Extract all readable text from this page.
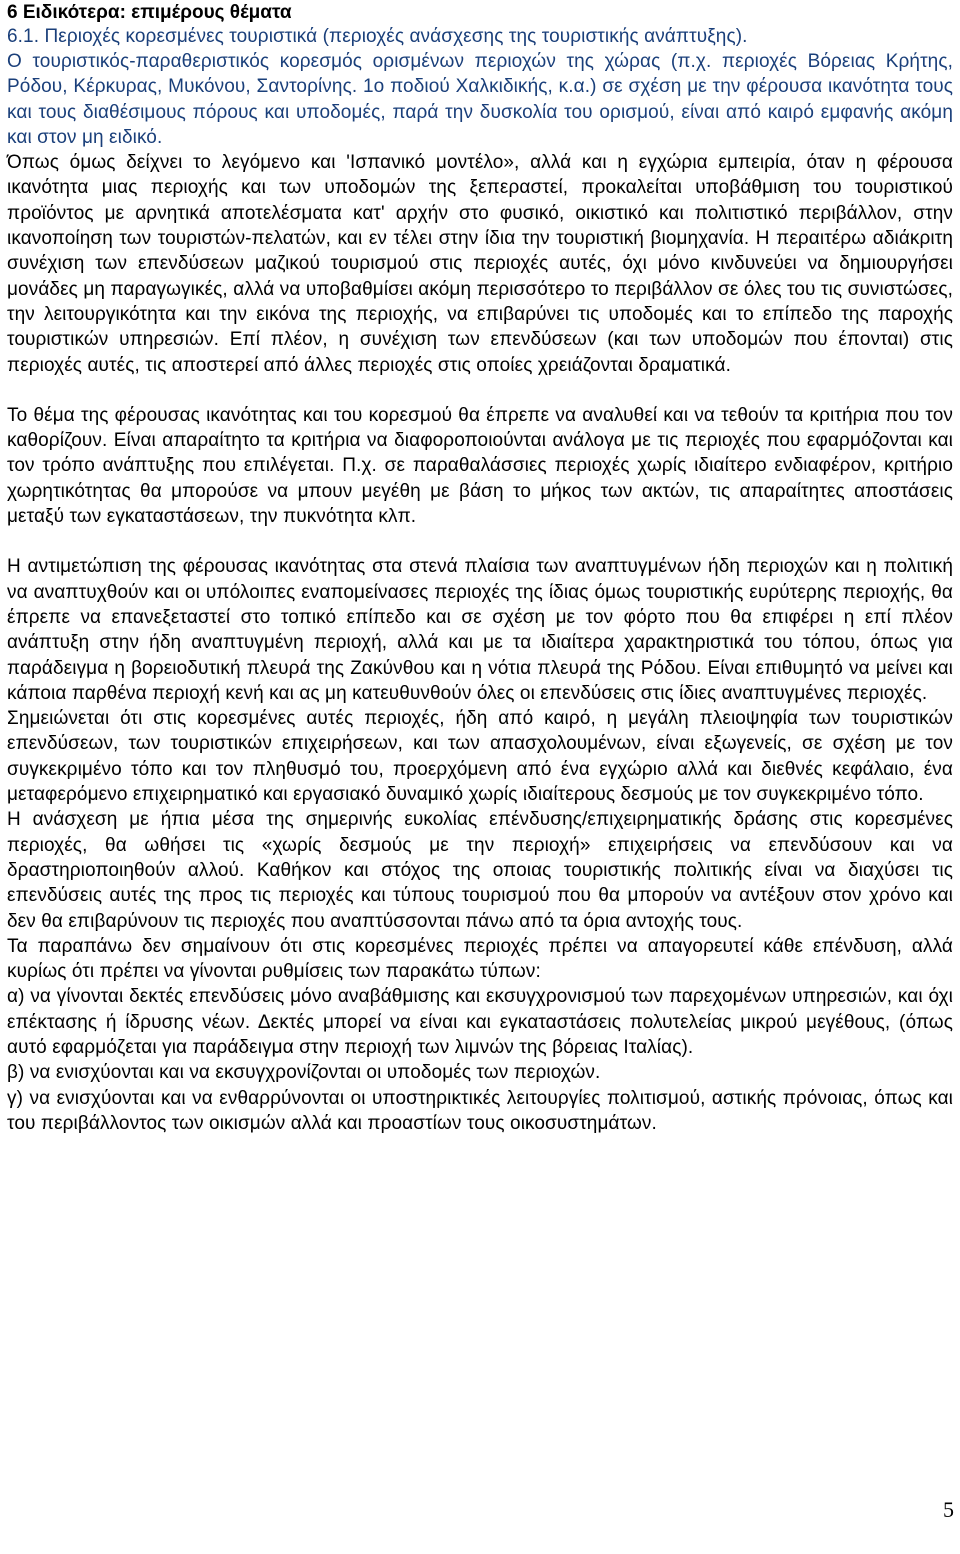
6 Ειδικότερα: επιμέρους θέματα
6.1. Περιοχές κορεσμένες τουριστικά (περιοχές ανάσχεσης της τουριστικής ανάπτυξης).

Ο τουριστικός-παραθεριστικός κορεσμός ορισμένων περιοχών της χώρας (π.χ. περιοχές Βόρειας Κρήτης, Ρόδου, Κέρκυρας, Μυκόνου, Σαντορίνης. 1ο ποδιού Χαλκιδικής, κ.α.) σε σχέση με την φέρουσα ικανότητα τους και τους διαθέσιμους πόρους και υποδομές, παρά την δυσκολία του ορισμού, είναι από καιρό εμφανής ακόμη και στον μη ειδικό.

Όπως όμως δείχνει το λεγόμενο και 'Ισπανικό μοντέλο», αλλά και η εγχώρια εμπειρία, όταν η φέρουσα ικανότητα μιας περιοχής και των υποδομών της ξεπεραστεί, προκαλείται υποβάθμιση του τουριστικού προϊόντος με αρνητικά αποτελέσματα κατ' αρχήν στο φυσικό, οικιστικό και πολιτιστικό περιβάλλον, στην ικανοποίηση των τουριστών-πελατών, και εν τέλει στην ίδια την τουριστική βιομηχανία. Η περαιτέρω αδιάκριτη συνέχιση των επενδύσεων μαζικού τουρισμού στις περιοχές αυτές, όχι μόνο κινδυνεύει να δημιουργήσει μονάδες μη παραγωγικές, αλλά να υποβαθμίσει ακόμη περισσότερο το περιβάλλον σε όλες του τις συνιστώσες, την λειτουργικότητα και την εικόνα της περιοχής, να επιβαρύνει τις υποδομές και το επίπεδο της παροχής τουριστικών υπηρεσιών. Επί πλέον, η συνέχιση των επενδύσεων (και των υποδομών που έπονται) στις περιοχές αυτές, τις αποστερεί από άλλες περιοχές στις οποίες χρειάζονται δραματικά.

Το θέμα της φέρουσας ικανότητας και του κορεσμού θα έπρεπε να αναλυθεί και να τεθούν τα κριτήρια που τον καθορίζουν. Είναι απαραίτητο τα κριτήρια να διαφοροποιούνται ανάλογα με τις περιοχές που εφαρμόζονται και τον τρόπο ανάπτυξης που επιλέγεται. Π.χ. σε παραθαλάσσιες περιοχές χωρίς ιδιαίτερο ενδιαφέρον, κριτήριο χωρητικότητας θα μπορούσε να μπουν μεγέθη με βάση το μήκος των ακτών, τις απαραίτητες αποστάσεις μεταξύ των εγκαταστάσεων, την πυκνότητα κλπ.

Η αντιμετώπιση της φέρουσας ικανότητας στα στενά πλαίσια των αναπτυγμένων ήδη περιοχών και η πολιτική να αναπτυχθούν και οι υπόλοιπες εναπομείνασες περιοχές της ίδιας όμως τουριστικής ευρύτερης περιοχής, θα έπρεπε να επανεξεταστεί στο τοπικό επίπεδο και σε σχέση με τον φόρτο που θα επιφέρει η επί πλέον ανάπτυξη στην ήδη αναπτυγμένη περιοχή, αλλά και με τα ιδιαίτερα χαρακτηριστικά του τόπου, όπως για παράδειγμα η βορειοδυτική πλευρά της Ζακύνθου και η νότια πλευρά της Ρόδου. Είναι επιθυμητό να μείνει και κάποια παρθένα περιοχή κενή και ας μη κατευθυνθούν όλες οι επενδύσεις στις ίδιες αναπτυγμένες περιοχές.

Σημειώνεται ότι στις κορεσμένες αυτές περιοχές, ήδη από καιρό, η μεγάλη πλειοψηφία των τουριστικών επενδύσεων, των τουριστικών επιχειρήσεων, και των απασχολουμένων, είναι εξωγενείς, σε σχέση με τον συγκεκριμένο τόπο και τον πληθυσμό του, προερχόμενη από ένα εγχώριο αλλά και διεθνές κεφάλαιο, ένα μεταφερόμενο επιχειρηματικό και εργασιακό δυναμικό χωρίς ιδιαίτερους δεσμούς με τον συγκεκριμένο τόπο.

Η ανάσχεση με ήπια μέσα της σημερινής ευκολίας επένδυσης/επιχειρηματικής δράσης στις κορεσμένες περιοχές, θα ωθήσει τις «χωρίς δεσμούς με την περιοχή» επιχειρήσεις να επενδύσουν και να δραστηριοποιηθούν αλλού. Καθήκον και στόχος της οποιας τουριστικής πολιτικής είναι να διαχύσει τις επενδύσεις αυτές της προς τις περιοχές και τύπους τουρισμού που θα μπορούν να αντέξουν στον χρόνο και δεν θα επιβαρύνουν τις περιοχές που αναπτύσσονται πάνω από τα όρια αντοχής τους.

Τα παραπάνω δεν σημαίνουν ότι στις κορεσμένες περιοχές πρέπει να απαγορευτεί κάθε επένδυση, αλλά κυρίως ότι πρέπει να γίνονται ρυθμίσεις των παρακάτω τύπων:

α) να γίνονται δεκτές επενδύσεις μόνο αναβάθμισης και εκσυγχρονισμού των παρεχομένων υπηρεσιών, και όχι επέκτασης ή ίδρυσης νέων. Δεκτές μπορεί να είναι και εγκαταστάσεις πολυτελείας μικρού μεγέθους, (όπως αυτό εφαρμόζεται για παράδειγμα στην περιοχή των λιμνών της βόρειας Ιταλίας).

β) να ενισχύονται και να εκσυγχρονίζονται οι υποδομές των περιοχών.

γ) να ενισχύονται και να ενθαρρύνονται οι υποστηρικτικές λειτουργίες πολιτισμού, αστικής πρόνοιας, όπως και του περιβάλλοντος των οικισμών αλλά και προαστίων τους οικοσυστημάτων.

5
